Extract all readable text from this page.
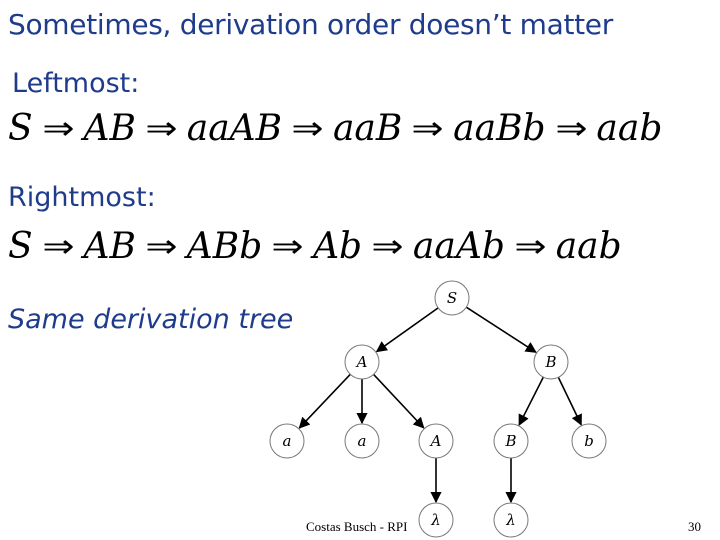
Sometimes, derivation order doesn’t matter
Leftmost:
S ⇒ AB ⇒ aaAB ⇒ aaB ⇒ aaBb ⇒ aab
Rightmost:
S ⇒ AB ⇒ ABb ⇒ Ab ⇒ aaAb ⇒ aab
Same derivation tree
S
A	B
a	a	A	B	b
λ	λ
Costas Busch - RPI	30
